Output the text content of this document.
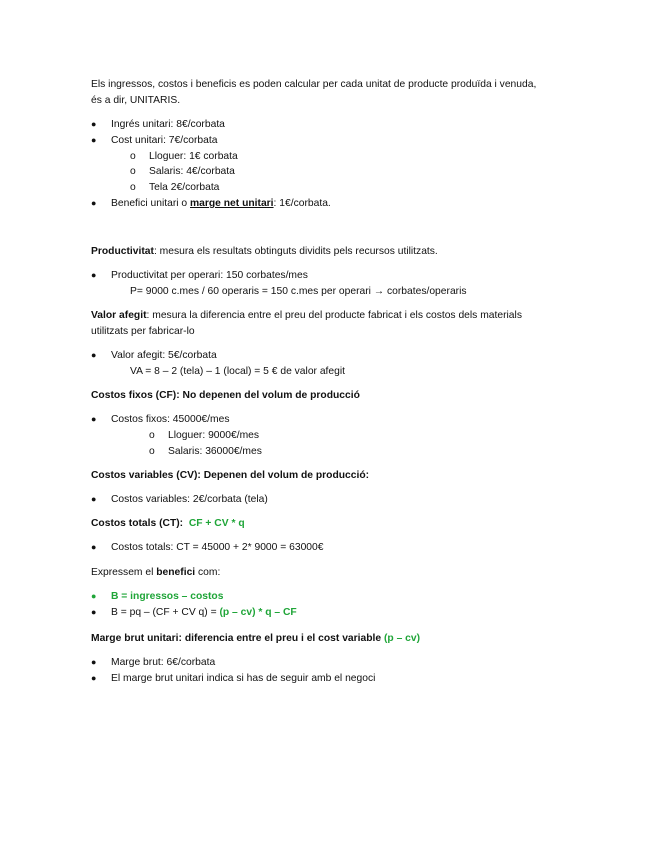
Els ingressos, costos i beneficis es poden calcular per cada unitat de producte produïda i venuda,
és a dir, UNITARIS.
● Ingrés unitari: 8€/corbata
● Cost unitari: 7€/corbata
o Lloguer: 1€ corbata
o Salaris: 4€/corbata
o Tela 2€/corbata
● Benefici unitari o marge net unitari: 1€/corbata.
Productivitat: mesura els resultats obtinguts dividits pels recursos utilitzats.
● Productivitat per operari: 150 corbates/mes
P= 9000 c.mes / 60 operaris = 150 c.mes per operari → corbates/operaris
Valor afegit: mesura la diferencia entre el preu del producte fabricat i els costos dels materials
utilitzats per fabricar-lo
● Valor afegit: 5€/corbata
VA = 8 – 2 (tela) – 1 (local) = 5 € de valor afegit
Costos fixos (CF): No depenen del volum de producció
● Costos fixos: 45000€/mes
o Lloguer: 9000€/mes
o Salaris: 36000€/mes
Costos variables (CV): Depenen del volum de producció:
● Costos variables: 2€/corbata (tela)
Costos totals (CT): CF + CV * q
● Costos totals: CT = 45000 + 2* 9000 = 63000€
Expressem el benefici com:
● B = ingressos – costos
● B = pq – (CF + CV q) = (p – cv) * q – CF
Marge brut unitari: diferencia entre el preu i el cost variable (p – cv)
● Marge brut: 6€/corbata
● El marge brut unitari indica si has de seguir amb el negoci
